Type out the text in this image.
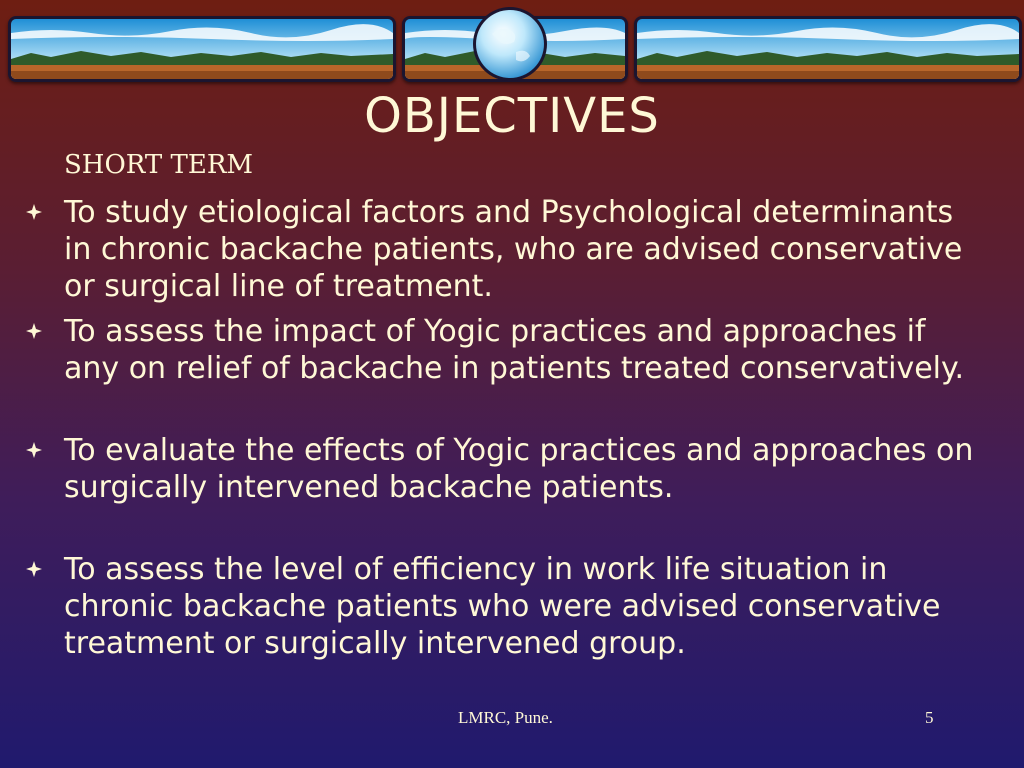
OBJECTIVES
SHORT TERM
To study etiological factors and Psychological determinants in chronic backache patients, who are advised conservative or surgical line of treatment.
To assess the impact of Yogic practices and approaches if any on relief of backache in patients treated conservatively.
To evaluate the effects of Yogic practices and approaches on surgically intervened backache patients.
To assess the level of efficiency in work life situation in chronic backache patients who were advised conservative treatment or surgically intervened group.
LMRC, Pune.	5
